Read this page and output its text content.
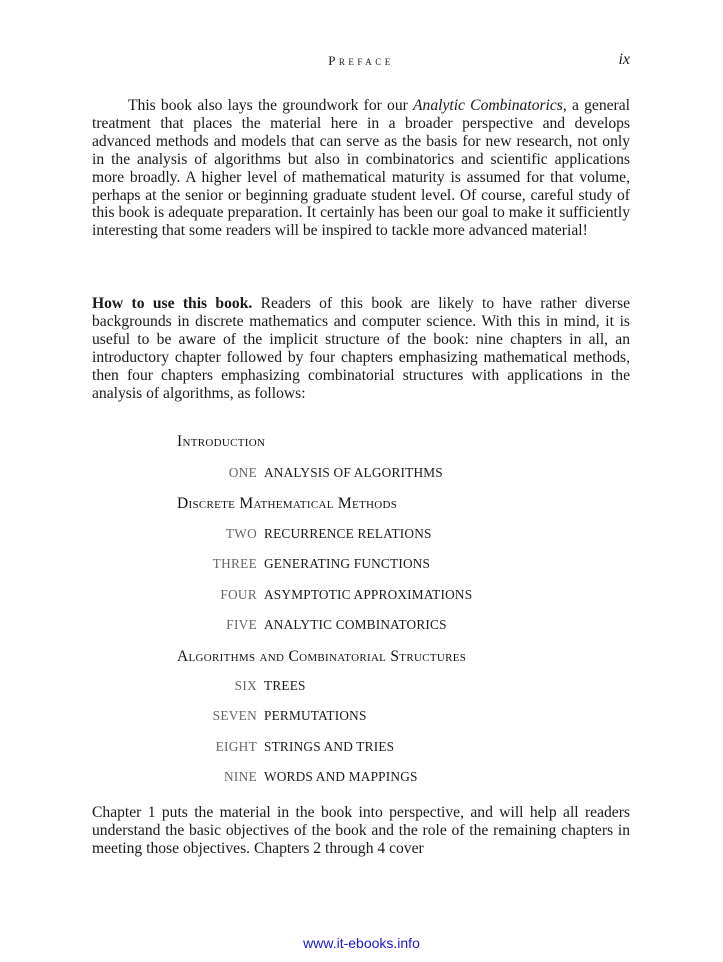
Preface	ix

This book also lays the groundwork for our Analytic Combinatorics, a general treatment that places the material here in a broader perspective and develops advanced methods and models that can serve as the basis for new research, not only in the analysis of algorithms but also in combinatorics and scientific applications more broadly. A higher level of mathematical maturity is assumed for that volume, perhaps at the senior or beginning graduate student level. Of course, careful study of this book is adequate preparation. It certainly has been our goal to make it sufficiently interesting that some readers will be inspired to tackle more advanced material!

How to use this book. Readers of this book are likely to have rather diverse backgrounds in discrete mathematics and computer science. With this in mind, it is useful to be aware of the implicit structure of the book: nine chapters in all, an introductory chapter followed by four chapters emphasizing mathematical methods, then four chapters emphasizing combinatorial structures with applications in the analysis of algorithms, as follows:

Introduction
ONE ANALYSIS OF ALGORITHMS
Discrete Mathematical Methods
TWO RECURRENCE RELATIONS
THREE GENERATING FUNCTIONS
FOUR ASYMPTOTIC APPROXIMATIONS
FIVE ANALYTIC COMBINATORICS
Algorithms and Combinatorial Structures
SIX TREES
SEVEN PERMUTATIONS
EIGHT STRINGS AND TRIES
NINE WORDS AND MAPPINGS

Chapter 1 puts the material in the book into perspective, and will help all readers understand the basic objectives of the book and the role of the remaining chapters in meeting those objectives. Chapters 2 through 4 cover

www.it-ebooks.info
